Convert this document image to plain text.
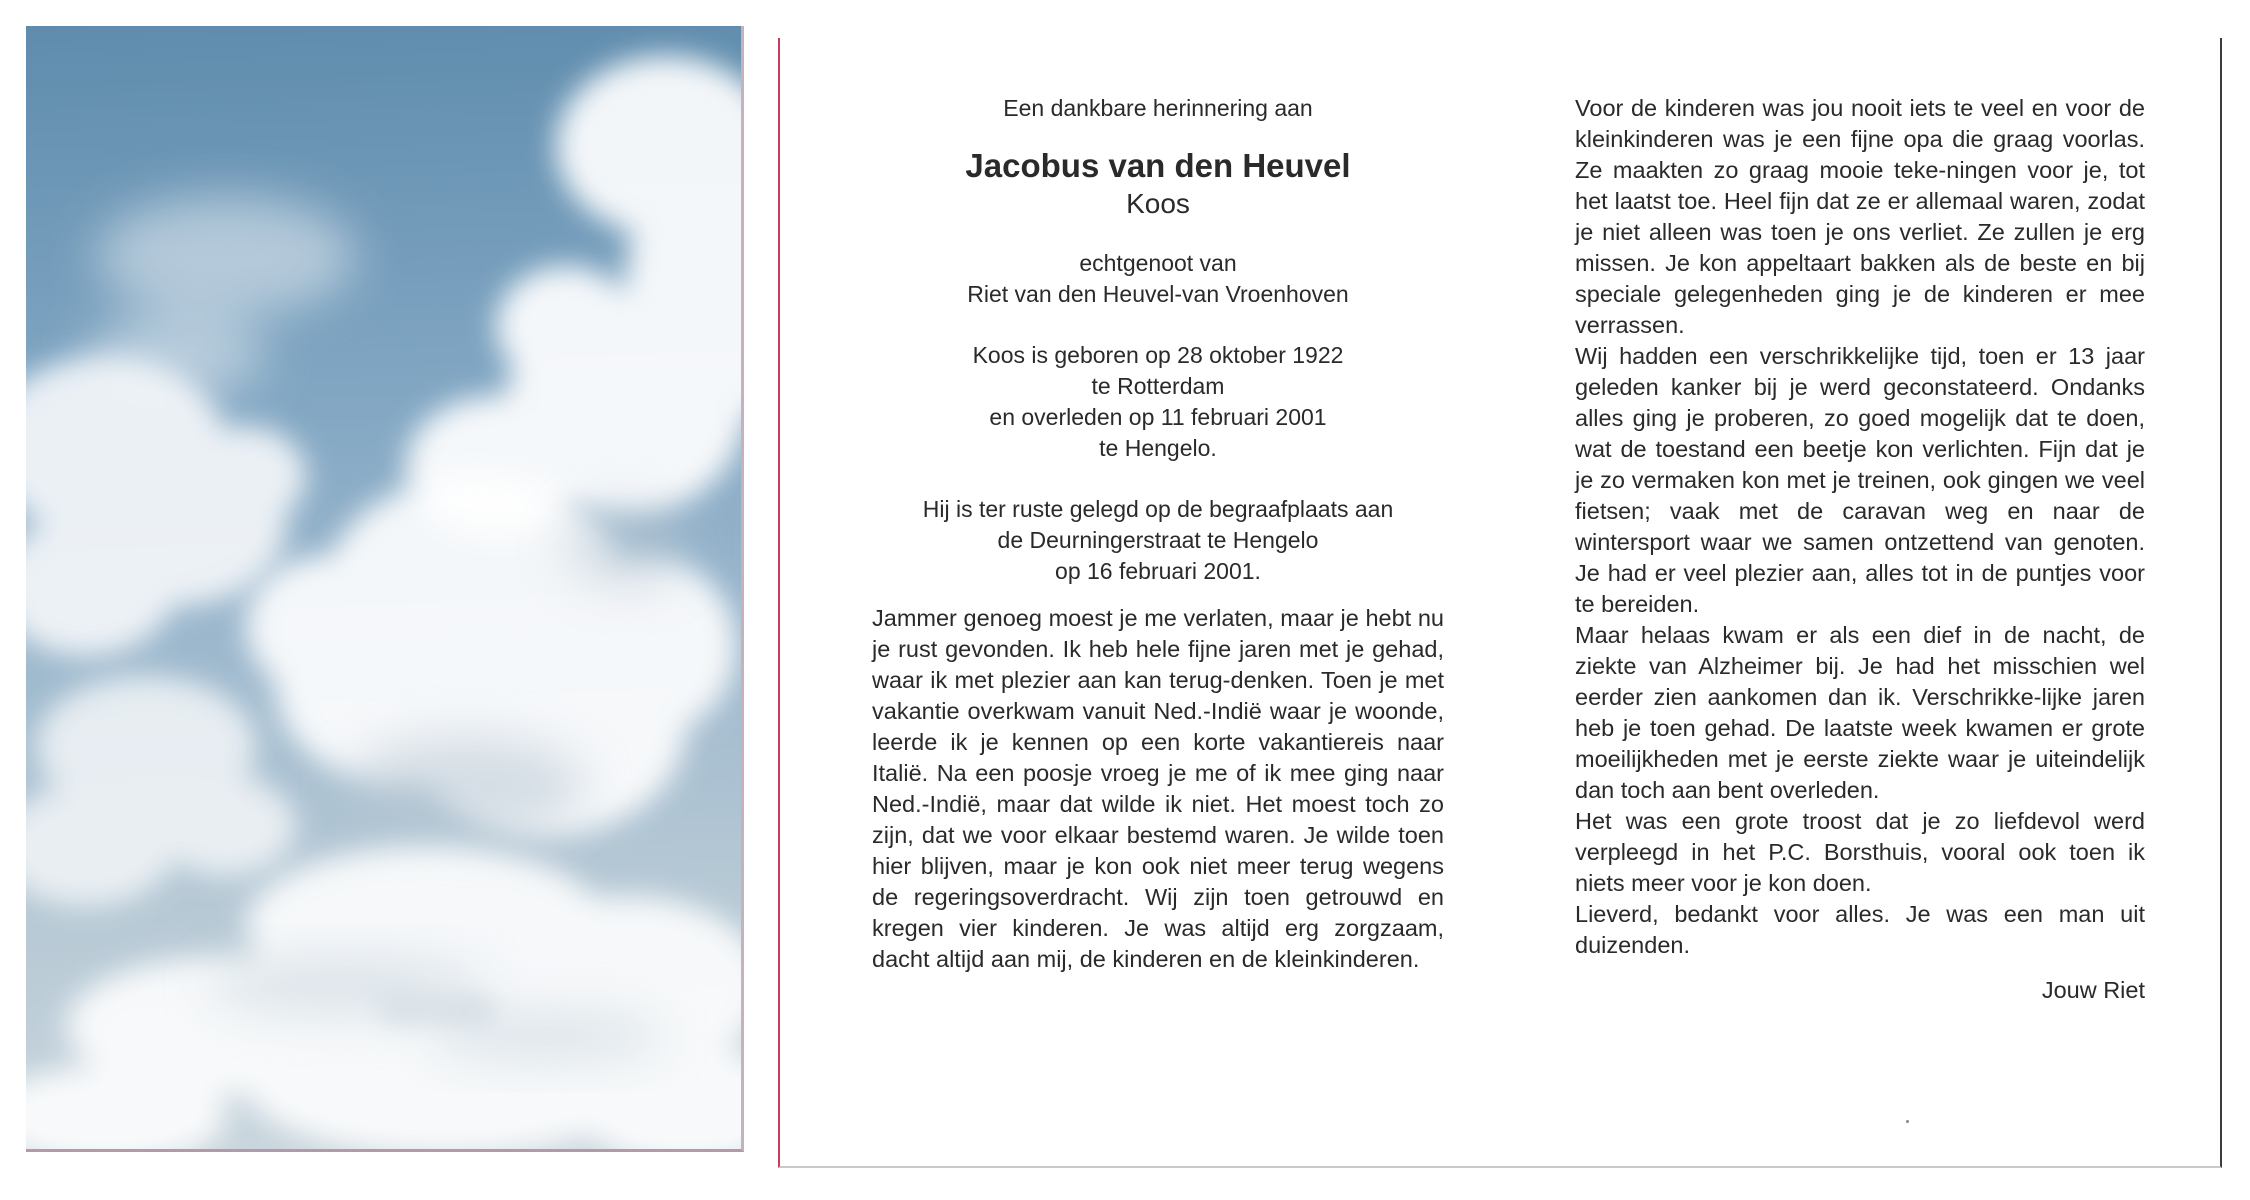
Een dankbare herinnering aan

Jacobus van den Heuvel

Koos

echtgenoot van

Riet van den Heuvel-van Vroenhoven

Koos is geboren op 28 oktober 1922

te Rotterdam

en overleden op 11 februari 2001

te Hengelo.

Hij is ter ruste gelegd op de begraafplaats aan

de Deurningerstraat te Hengelo

op 16 februari 2001.

Jammer genoeg moest je me verlaten, maar je hebt nu je rust gevonden. Ik heb hele fijne jaren met je gehad, waar ik met plezier aan kan terug-denken. Toen je met vakantie overkwam vanuit Ned.-Indië waar je woonde, leerde ik je kennen op een korte vakantiereis naar Italië. Na een poosje vroeg je me of ik mee ging naar Ned.-Indië, maar dat wilde ik niet. Het moest toch zo zijn, dat we voor elkaar bestemd waren. Je wilde toen hier blijven, maar je kon ook niet meer terug wegens de regeringsoverdracht. Wij zijn toen getrouwd en kregen vier kinderen. Je was altijd erg zorgzaam, dacht altijd aan mij, de kinderen en de kleinkinderen.

Voor de kinderen was jou nooit iets te veel en voor de kleinkinderen was je een fijne opa die graag voorlas. Ze maakten zo graag mooie teke-ningen voor je, tot het laatst toe. Heel fijn dat ze er allemaal waren, zodat je niet alleen was toen je ons verliet. Ze zullen je erg missen. Je kon appeltaart bakken als de beste en bij speciale gelegenheden ging je de kinderen er mee verrassen.

Wij hadden een verschrikkelijke tijd, toen er 13 jaar geleden kanker bij je werd geconstateerd. Ondanks alles ging je proberen, zo goed mogelijk dat te doen, wat de toestand een beetje kon verlichten. Fijn dat je je zo vermaken kon met je treinen, ook gingen we veel fietsen; vaak met de caravan weg en naar de wintersport waar we samen ontzettend van genoten. Je had er veel plezier aan, alles tot in de puntjes voor te bereiden.

Maar helaas kwam er als een dief in de nacht, de ziekte van Alzheimer bij. Je had het misschien wel eerder zien aankomen dan ik. Verschrikke-lijke jaren heb je toen gehad. De laatste week kwamen er grote moeilijkheden met je eerste ziekte waar je uiteindelijk dan toch aan bent overleden.

Het was een grote troost dat je zo liefdevol werd verpleegd in het P.C. Borsthuis, vooral ook toen ik niets meer voor je kon doen.

Lieverd, bedankt voor alles. Je was een man uit duizenden.

Jouw Riet
